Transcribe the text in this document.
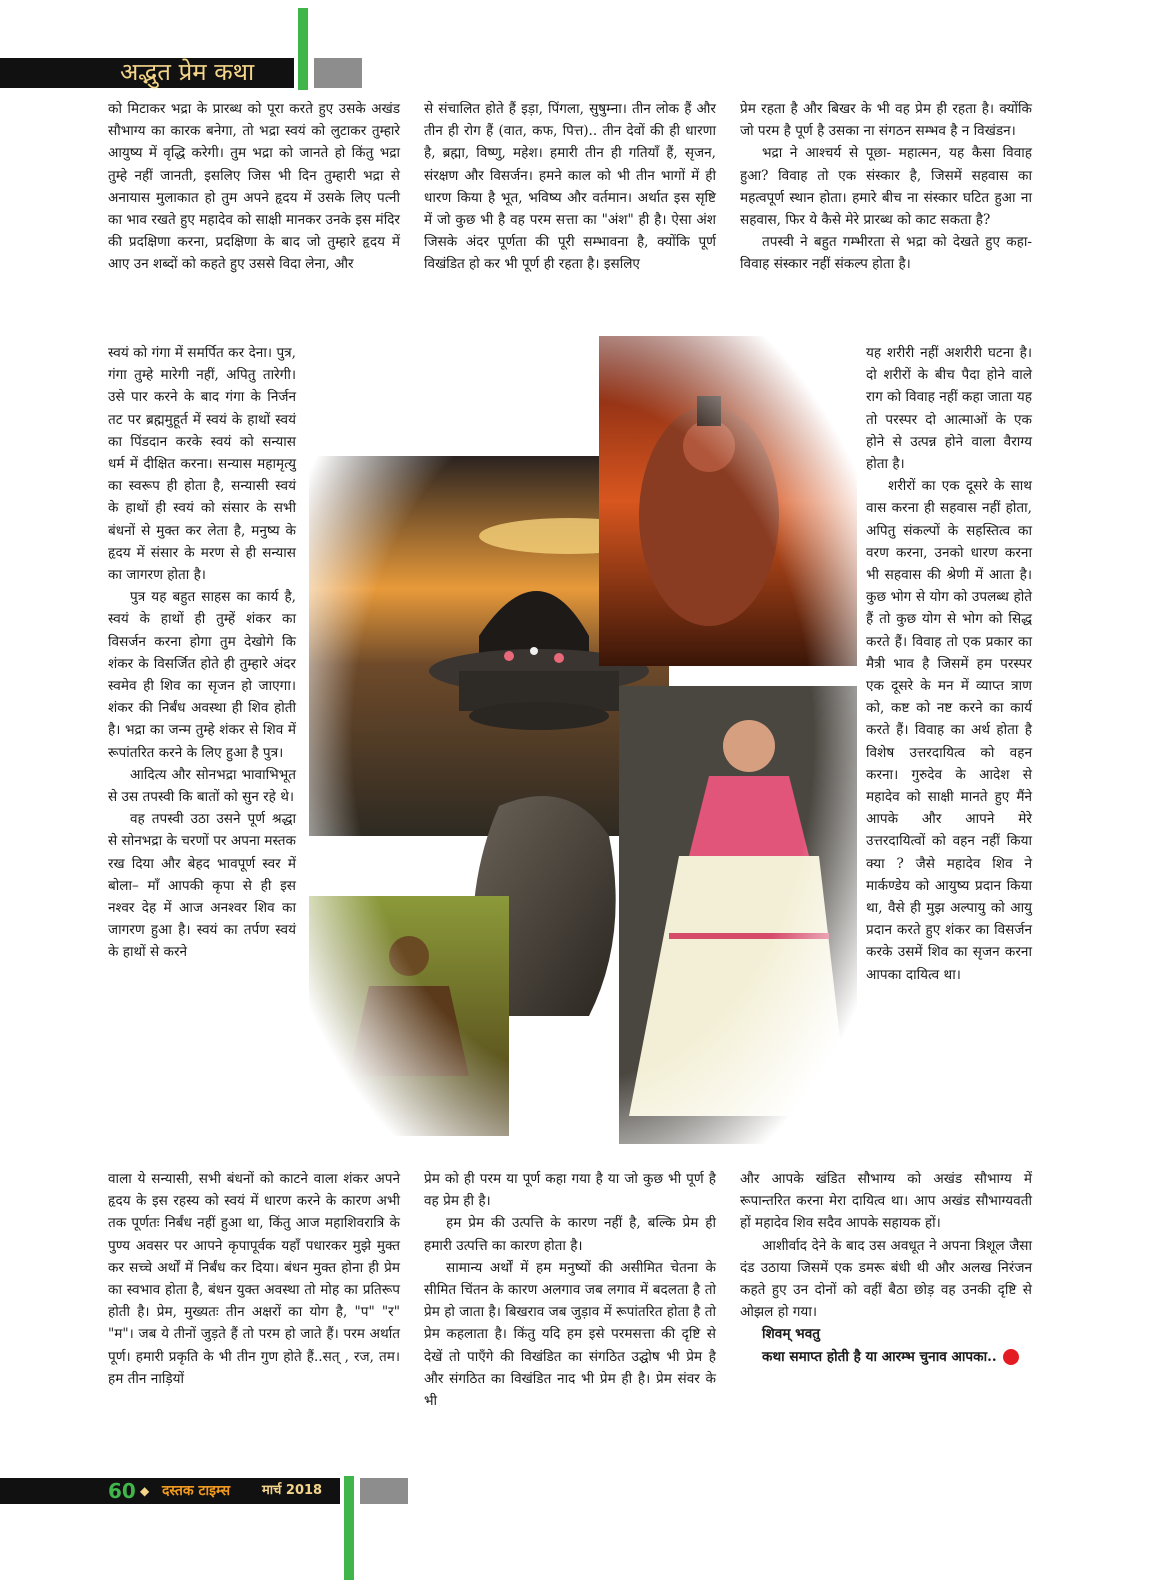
अद्भुत प्रेम कथा

को मिटाकर भद्रा के प्रारब्ध को पूरा करते हुए उसके अखंड सौभाग्य का कारक बनेगा, तो भद्रा स्वयं को लुटाकर तुम्हारे आयुष्य में वृद्धि करेगी। तुम भद्रा को जानते हो किंतु भद्रा तुम्हे नहीं जानती, इसलिए जिस भी दिन तुम्हारी भद्रा से अनायास मुलाकात हो तुम अपने हृदय में उसके लिए पत्नी का भाव रखते हुए महादेव को साक्षी मानकर उनके इस मंदिर की प्रदक्षिणा करना, प्रदक्षिणा के बाद जो तुम्हारे हृदय में आए उन शब्दों को कहते हुए उससे विदा लेना, और

स्वयं को गंगा में समर्पित कर देना। पुत्र, गंगा तुम्हे मारेगी नहीं, अपितु तारेगी। उसे पार करने के बाद गंगा के निर्जन तट पर ब्रह्ममुहूर्त में स्वयं के हाथों स्वयं का पिंडदान करके स्वयं को सन्यास धर्म में दीक्षित करना। सन्यास महामृत्यु का स्वरूप ही होता है, सन्यासी स्वयं के हाथों ही स्वयं को संसार के सभी बंधनों से मुक्त कर लेता है, मनुष्य के हृदय में संसार के मरण से ही सन्यास का जागरण होता है।

पुत्र यह बहुत साहस का कार्य है, स्वयं के हाथों ही तुम्हें शंकर का विसर्जन करना होगा तुम देखोगे कि शंकर के विसर्जित होते ही तुम्हारे अंदर स्वमेव ही शिव का सृजन हो जाएगा। शंकर की निर्बंध अवस्था ही शिव होती है। भद्रा का जन्म तुम्हे शंकर से शिव में रूपांतरित करने के लिए हुआ है पुत्र।

आदित्य और सोनभद्रा भावाभिभूत से उस तपस्वी कि बातों को सुन रहे थे।

वह तपस्वी उठा उसने पूर्ण श्रद्धा से सोनभद्रा के चरणों पर अपना मस्तक रख दिया और बेहद भावपूर्ण स्वर में बोला– माँ आपकी कृपा से ही इस नश्वर देह में आज अनश्वर शिव का जागरण हुआ है। स्वयं का तर्पण स्वयं के हाथों से करने

वाला ये सन्यासी, सभी बंधनों को काटने वाला शंकर अपने हृदय के इस रहस्य को स्वयं में धारण करने के कारण अभी तक पूर्णतः निर्बंध नहीं हुआ था, किंतु आज महाशिवरात्रि के पुण्य अवसर पर आपने कृपापूर्वक यहाँ पधारकर मुझे मुक्त कर सच्चे अर्थों में निर्बंध कर दिया। बंधन मुक्त होना ही प्रेम का स्वभाव होता है, बंधन युक्त अवस्था तो मोह का प्रतिरूप होती है। प्रेम, मुख्यतः तीन अक्षरों का योग है, "प" "र" "म"। जब ये तीनों जुड़ते हैं तो परम हो जाते हैं। परम अर्थात पूर्ण। हमारी प्रकृति के भी तीन गुण होते हैं..सत् , रज, तम। हम तीन नाड़ियों

से संचालित होते हैं इड़ा, पिंगला, सुषुम्ना। तीन लोक हैं और तीन ही रोग हैं (वात, कफ, पित्त).. तीन देवों की ही धारणा है, ब्रह्मा, विष्णु, महेश। हमारी तीन ही गतियाँ हैं, सृजन, संरक्षण और विसर्जन। हमने काल को भी तीन भागों में ही धारण किया है भूत, भविष्य और वर्तमान। अर्थात इस सृष्टि में जो कुछ भी है वह परम सत्ता का "अंश" ही है। ऐसा अंश जिसके अंदर पूर्णता की पूरी सम्भावना है, क्योंकि पूर्ण विखंडित हो कर भी पूर्ण ही रहता है। इसलिए

प्रेम को ही परम या पूर्ण कहा गया है या जो कुछ भी पूर्ण है वह प्रेम ही है।

हम प्रेम की उत्पत्ति के कारण नहीं है, बल्कि प्रेम ही हमारी उत्पत्ति का कारण होता है।

सामान्य अर्थों में हम मनुष्यों की असीमित चेतना के सीमित चिंतन के कारण अलगाव जब लगाव में बदलता है तो प्रेम हो जाता है। बिखराव जब जुड़ाव में रूपांतरित होता है तो प्रेम कहलाता है। किंतु यदि हम इसे परमसत्ता की दृष्टि से देखें तो पाएँगे की विखंडित का संगठित उद्घोष भी प्रेम है और संगठित का विखंडित नाद भी प्रेम ही है। प्रेम संवर के भी

प्रेम रहता है और बिखर के भी वह प्रेम ही रहता है। क्योंकि जो परम है पूर्ण है उसका ना संगठन सम्भव है न विखंडन।

भद्रा ने आश्चर्य से पूछा- महात्मन, यह कैसा विवाह हुआ? विवाह तो एक संस्कार है, जिसमें सहवास का महत्वपूर्ण स्थान होता। हमारे बीच ना संस्कार घटित हुआ ना सहवास, फिर ये कैसे मेरे प्रारब्ध को काट सकता है?

तपस्वी ने बहुत गम्भीरता से भद्रा को देखते हुए कहा- विवाह संस्कार नहीं संकल्प होता है।

यह शरीरी नहीं अशरीरी घटना है। दो शरीरों के बीच पैदा होने वाले राग को विवाह नहीं कहा जाता यह तो परस्पर दो आत्माओं के एक होने से उत्पन्न होने वाला वैराग्य होता है।

शरीरों का एक दूसरे के साथ वास करना ही सहवास नहीं होता, अपितु संकल्पों के सहस्तित्व का वरण करना, उनको धारण करना भी सहवास की श्रेणी में आता है। कुछ भोग से योग को उपलब्ध होते हैं तो कुछ योग से भोग को सिद्ध करते हैं। विवाह तो एक प्रकार का मैत्री भाव है जिसमें हम परस्पर एक दूसरे के मन में व्याप्त त्राण को, कष्ट को नष्ट करने का कार्य करते हैं। विवाह का अर्थ होता है विशेष उत्तरदायित्व को वहन करना। गुरुदेव के आदेश से महादेव को साक्षी मानते हुए मैंने आपके और आपने मेरे उत्तरदायित्वों को वहन नहीं किया क्या ? जैसे महादेव शिव ने मार्कण्डेय को आयुष्य प्रदान किया था, वैसे ही मुझ अल्पायु को आयु प्रदान करते हुए शंकर का विसर्जन करके उसमें शिव का सृजन करना आपका दायित्व था।

और आपके खंडित सौभाग्य को अखंड सौभाग्य में रूपान्तरित करना मेरा दायित्व था। आप अखंड सौभाग्यवती हों महादेव शिव सदैव आपके सहायक हों।

आशीर्वाद देने के बाद उस अवधूत ने अपना त्रिशूल जैसा दंड उठाया जिसमें एक डमरू बंधी थी और अलख निरंजन कहते हुए उन दोनों को वहीं बैठा छोड़ वह उनकी दृष्टि से ओझल हो गया।

शिवम् भवतु

कथा समाप्त होती है या आरम्भ चुनाव आपका..

60 ◆ दस्तक टाइम्स मार्च 2018
